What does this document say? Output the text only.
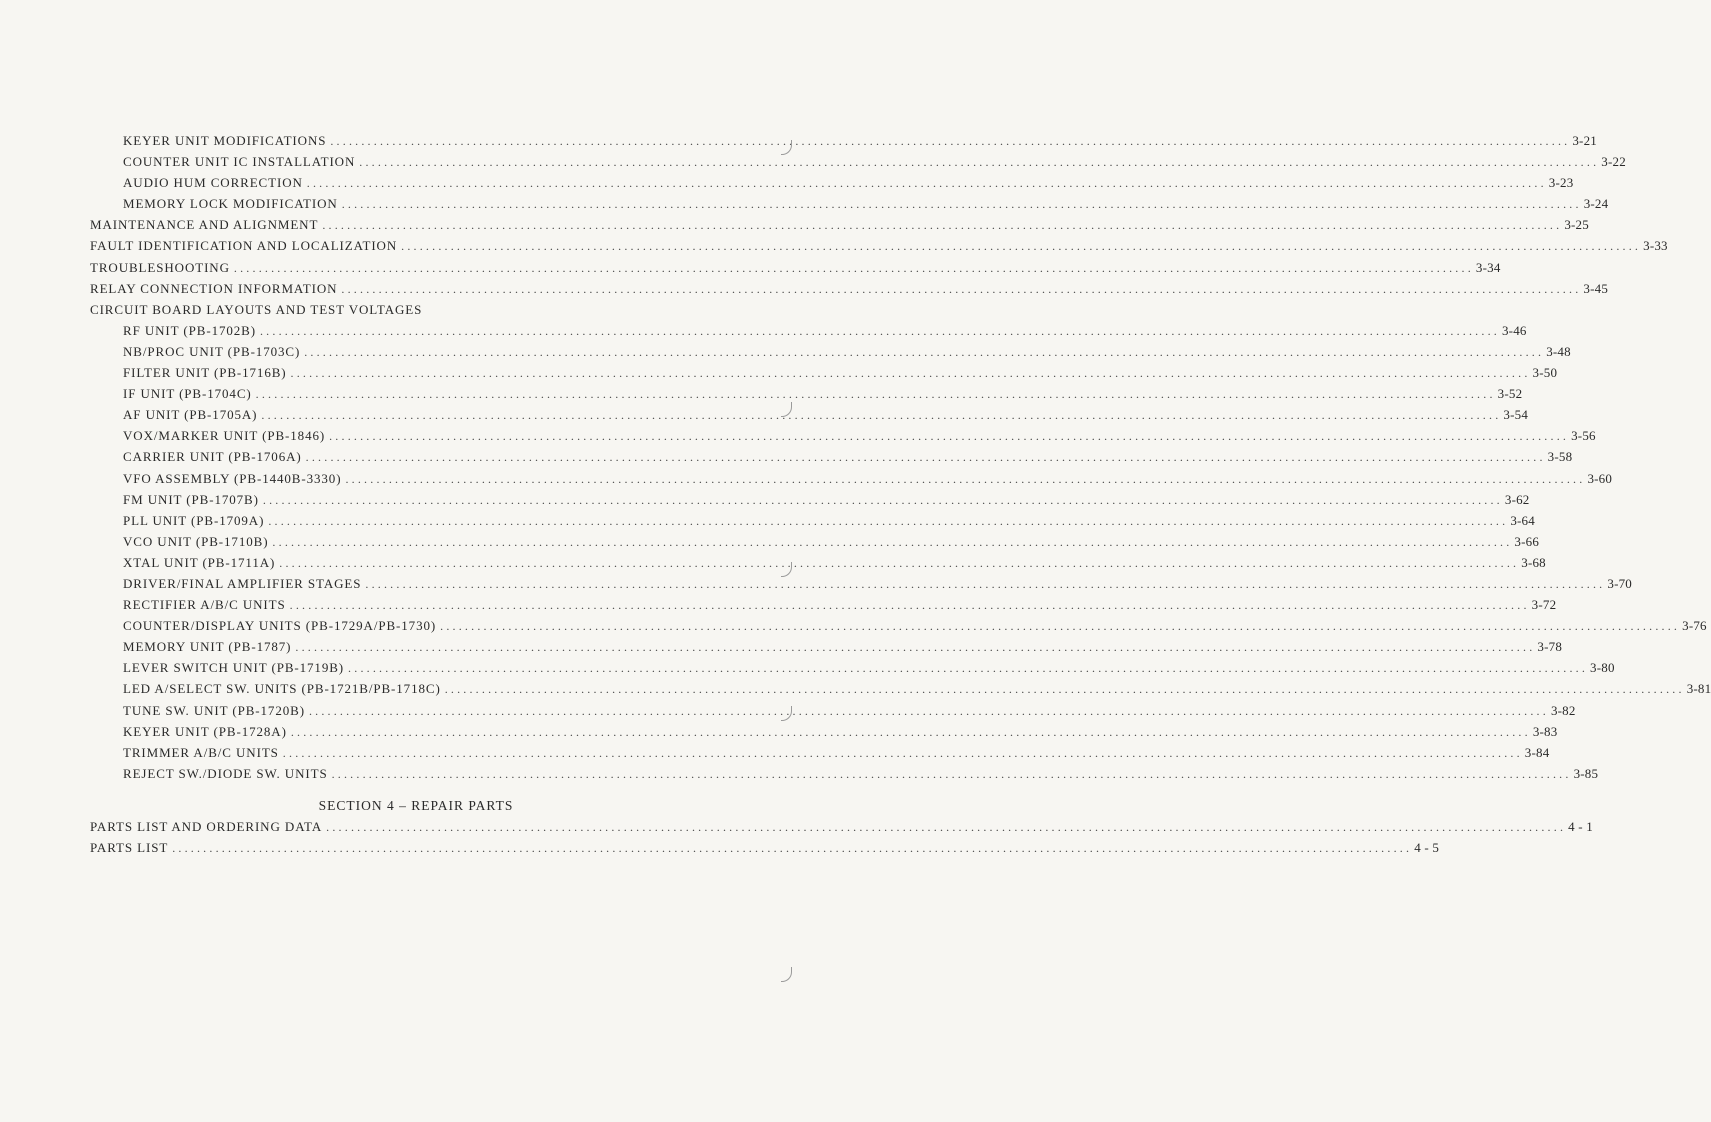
KEYER UNIT MODIFICATIONS ........................................................................................................................................................................................................ 3-21
COUNTER UNIT IC INSTALLATION ........................................................................................................................................................................................................ 3-22
AUDIO HUM CORRECTION ........................................................................................................................................................................................................ 3-23
MEMORY LOCK MODIFICATION ........................................................................................................................................................................................................ 3-24
MAINTENANCE AND ALIGNMENT ........................................................................................................................................................................................................ 3-25
FAULT IDENTIFICATION AND LOCALIZATION ........................................................................................................................................................................................................ 3-33
TROUBLESHOOTING ........................................................................................................................................................................................................ 3-34
RELAY CONNECTION INFORMATION ........................................................................................................................................................................................................ 3-45
CIRCUIT BOARD LAYOUTS AND TEST VOLTAGES
RF UNIT (PB-1702B) ........................................................................................................................................................................................................ 3-46
NB/PROC UNIT (PB-1703C) ........................................................................................................................................................................................................ 3-48
FILTER UNIT (PB-1716B) ........................................................................................................................................................................................................ 3-50
IF UNIT (PB-1704C) ........................................................................................................................................................................................................ 3-52
AF UNIT (PB-1705A) ........................................................................................................................................................................................................ 3-54
VOX/MARKER UNIT (PB-1846) ........................................................................................................................................................................................................ 3-56
CARRIER UNIT (PB-1706A) ........................................................................................................................................................................................................ 3-58
VFO ASSEMBLY (PB-1440B-3330) ........................................................................................................................................................................................................ 3-60
FM UNIT (PB-1707B) ........................................................................................................................................................................................................ 3-62
PLL UNIT (PB-1709A) ........................................................................................................................................................................................................ 3-64
VCO UNIT (PB-1710B) ........................................................................................................................................................................................................ 3-66
XTAL UNIT (PB-1711A) ........................................................................................................................................................................................................ 3-68
DRIVER/FINAL AMPLIFIER STAGES ........................................................................................................................................................................................................ 3-70
RECTIFIER A/B/C UNITS ........................................................................................................................................................................................................ 3-72
COUNTER/DISPLAY UNITS (PB-1729A/PB-1730) ........................................................................................................................................................................................................ 3-76
MEMORY UNIT (PB-1787) ........................................................................................................................................................................................................ 3-78
LEVER SWITCH UNIT (PB-1719B) ........................................................................................................................................................................................................ 3-80
LED A/SELECT SW. UNITS (PB-1721B/PB-1718C) ........................................................................................................................................................................................................ 3-81
TUNE SW. UNIT (PB-1720B) ........................................................................................................................................................................................................ 3-82
KEYER UNIT (PB-1728A) ........................................................................................................................................................................................................ 3-83
TRIMMER A/B/C UNITS ........................................................................................................................................................................................................ 3-84
REJECT SW./DIODE SW. UNITS ........................................................................................................................................................................................................ 3-85
SECTION 4 – REPAIR PARTS
PARTS LIST AND ORDERING DATA ........................................................................................................................................................................................................ 4 - 1
PARTS LIST ........................................................................................................................................................................................................ 4 - 5
